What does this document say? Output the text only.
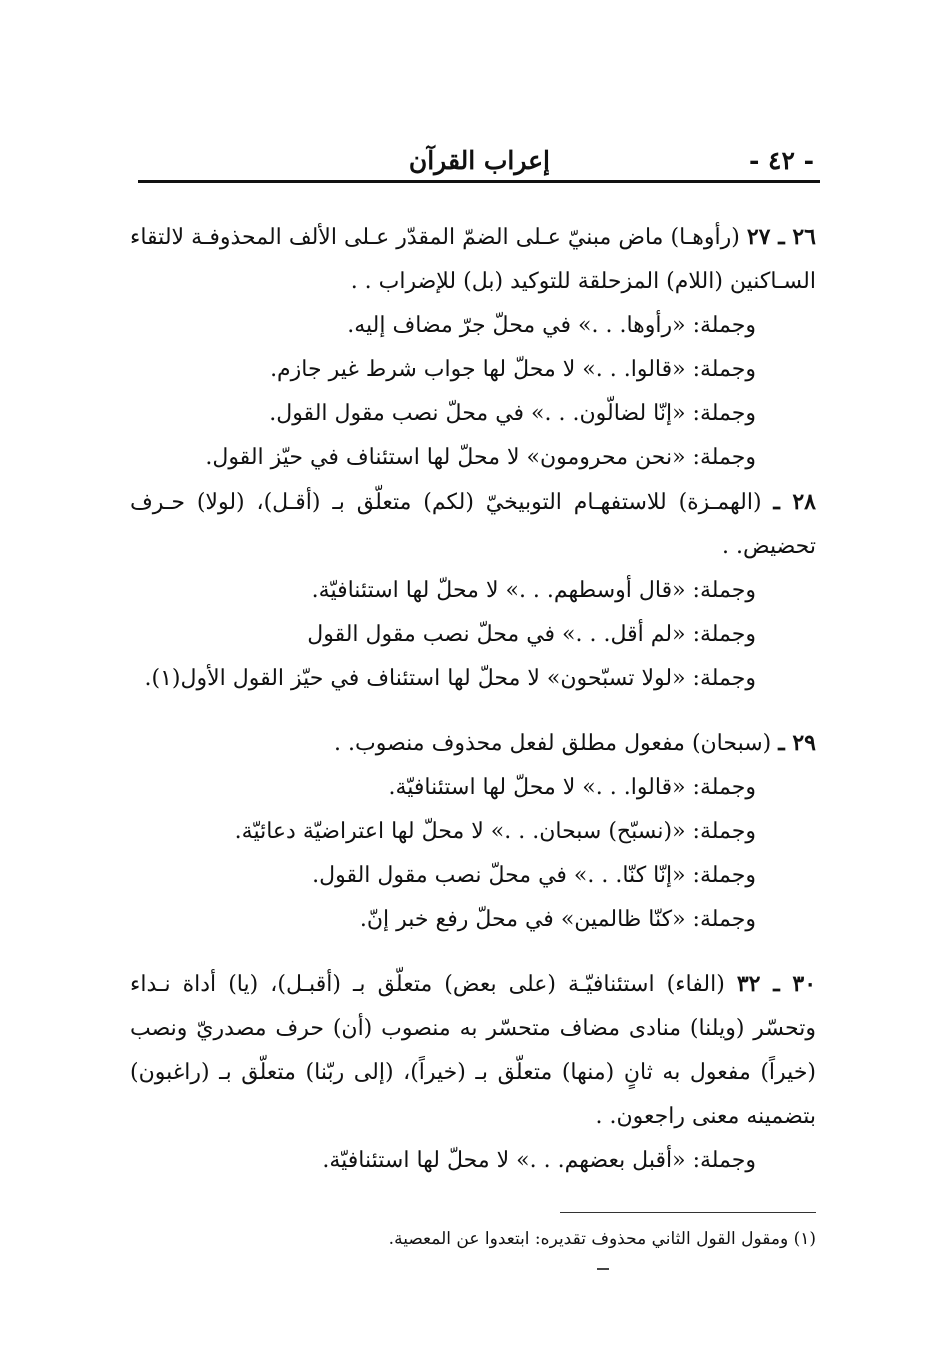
- ٤٢ -
إعراب القرآن

٢٦ ـ ٢٧ (رأوهـا) ماض مبنيّ عـلى الضمّ المقدّر عـلى الألف المحذوفـة لالتقاء السـاكنين (اللام) المزحلقة للتوكيد (بل) للإضراب . .

وجملة: «رأوها. . .» في محلّ جرّ مضاف إليه.

وجملة: «قالوا. . .» لا محلّ لها جواب شرط غير جازم.

وجملة: «إنّا لضالّون. . .» في محلّ نصب مقول القول.

وجملة: «نحن محرومون» لا محلّ لها استئناف في حيّز القول.

٢٨ ـ (الهمـزة) للاستفهـام التوبيخيّ (لكم) متعلّق بـ (أقـل)، (لولا) حـرف تحضيض. .

وجملة: «قال أوسطهم. . .» لا محلّ لها استئنافيّة.

وجملة: «لم أقل. . .» في محلّ نصب مقول القول

وجملة: «لولا تسبّحون» لا محلّ لها استئناف في حيّز القول الأول(١).

٢٩ ـ (سبحان) مفعول مطلق لفعل محذوف منصوب. .

وجملة: «قالوا. . .» لا محلّ لها استئنافيّة.

وجملة: «(نسبّح) سبحان. . .» لا محلّ لها اعتراضيّة دعائيّة.

وجملة: «إنّا كنّا. . .» في محلّ نصب مقول القول.

وجملة: «كنّا ظالمين» في محلّ رفع خبر إنّ.

٣٠ ـ ٣٢ (الفاء) استئنافيّـة (على بعض) متعلّق بـ (أقبـل)، (يا) أداة نـداء وتحسّر (ويلنا) منادى مضاف متحسّر به منصوب (أن) حرف مصدريّ ونصب (خيراً) مفعول به ثانٍ (منها) متعلّق بـ (خيراً)، (إلى ربّنا) متعلّق بـ (راغبون) بتضمينه معنى راجعون. .

وجملة: «أقبل بعضهم. . .» لا محلّ لها استئنافيّة.

(١) ومقول القول الثاني محذوف تقديره: ابتعدوا عن المعصية.
